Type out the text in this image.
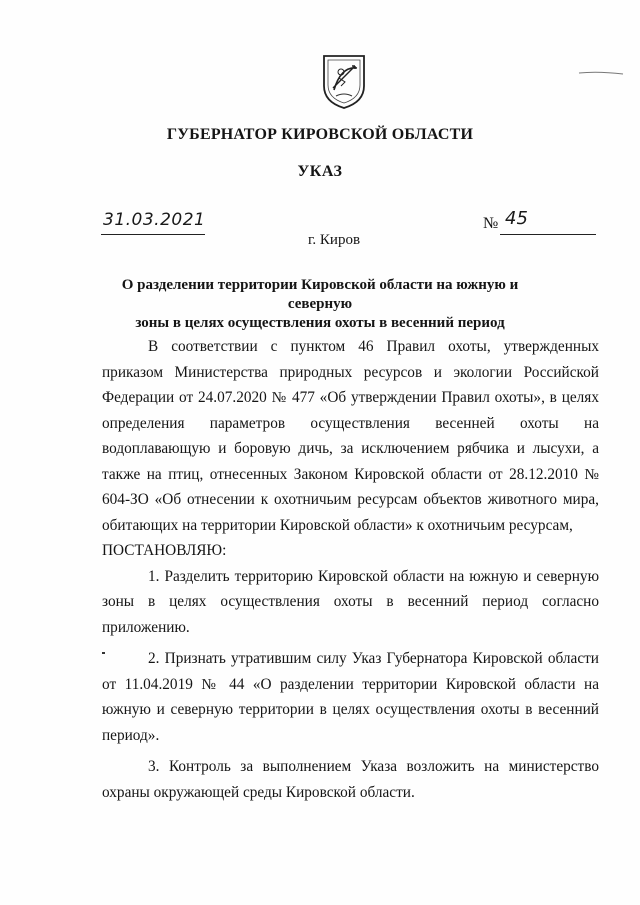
ГУБЕРНАТОР КИРОВСКОЙ ОБЛАСТИ
УКАЗ
31.03.2021	№ 45
г. Киров
О разделении территории Кировской области на южную и северную
зоны в целях осуществления охоты в весенний период

В соответствии с пунктом 46 Правил охоты, утвержденных приказом Министерства природных ресурсов и экологии Российской Федерации от 24.07.2020 № 477 «Об утверждении Правил охоты», в целях определения параметров осуществления весенней охоты на водоплавающую и боровую дичь, за исключением рябчика и лысухи, а также на птиц, отнесенных Законом Кировской области от 28.12.2010 № 604-ЗО «Об отнесении к охотничьим ресурсам объектов животного мира, обитающих на территории Кировской области» к охотничьим ресурсам,

ПОСТАНОВЛЯЮ:

1. Разделить территорию Кировской области на южную и северную зоны в целях осуществления охоты в весенний период согласно приложению.

2. Признать утратившим силу Указ Губернатора Кировской области от 11.04.2019 № 44 «О разделении территории Кировской области на южную и северную территории в целях осуществления охоты в весенний период».

3. Контроль за выполнением Указа возложить на министерство охраны окружающей среды Кировской области.
